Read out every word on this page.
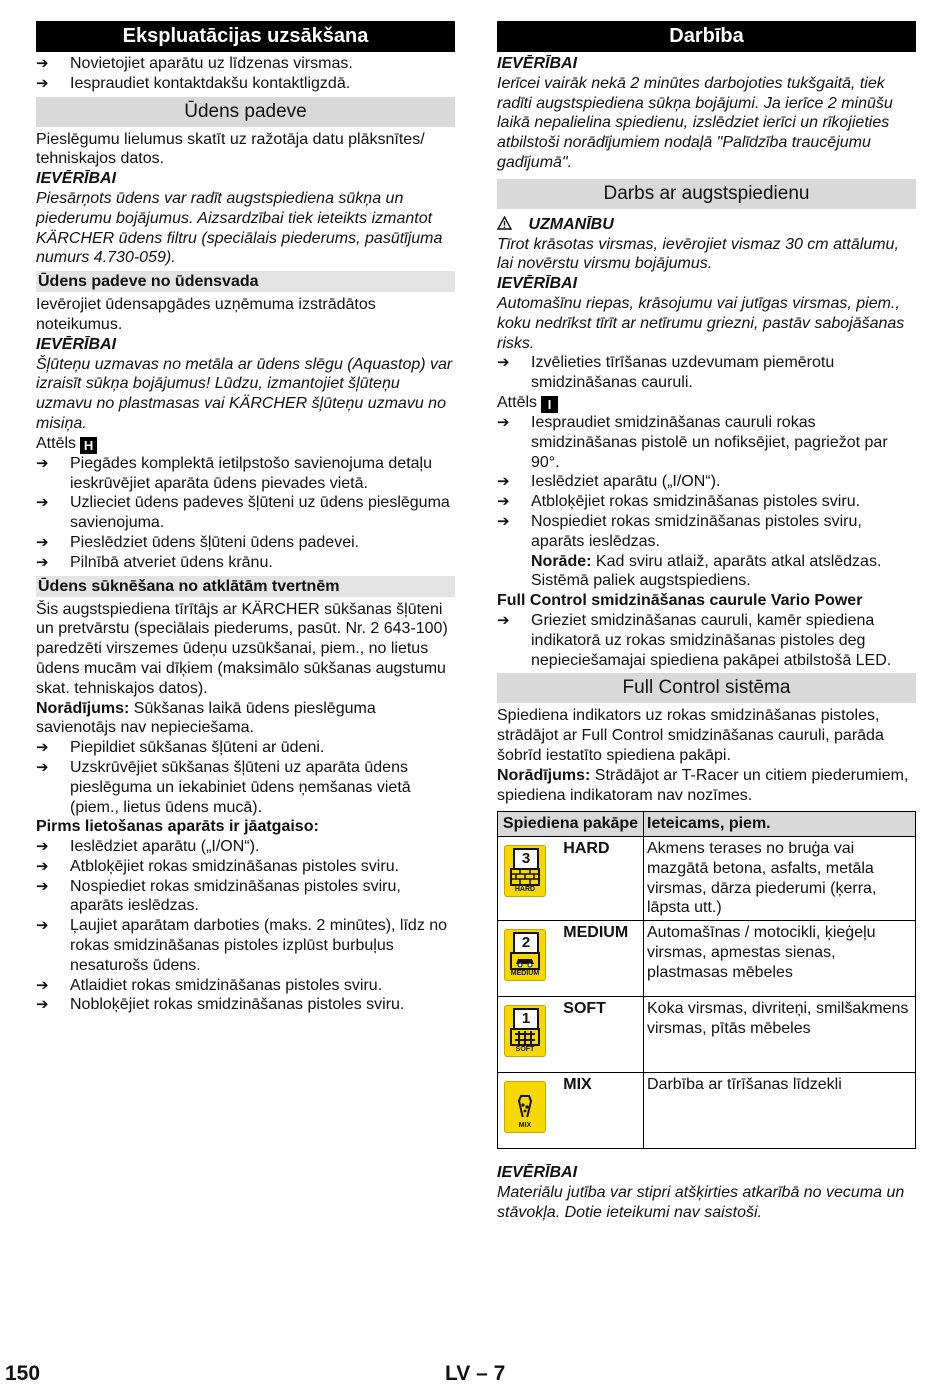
Ekspluatācijas uzsākšana
➔ Novietojiet aparātu uz līdzenas virsmas.
➔ Iespraudiet kontaktdakšu kontaktligzdā.
Ūdens padeve

Pieslēgumu lielumus skatīt uz ražotāja datu plāksnītes/ tehniskajos datos.

IEVĒRĪBAI

Piesārņots ūdens var radīt augstspiediena sūkņa un piederumu bojājumus. Aizsardzībai tiek ieteikts izmantot KÄRCHER ūdens filtru (speciālais piederums, pasūtījuma numurs 4.730-059).

Ūdens padeve no ūdensvada

Ievērojiet ūdensapgādes uzņēmuma izstrādātos noteikumus.

IEVĒRĪBAI

Šļūteņu uzmavas no metāla ar ūdens slēgu (Aquastop) var izraisīt sūkņa bojājumus! Lūdzu, izmantojiet šļūteņu uzmavu no plastmasas vai KÄRCHER šļūteņu uzmavu no misiņa.

Attēls H

➔ Piegādes komplektā ietilpstošo savienojuma detaļu ieskrūvējiet aparāta ūdens pievades vietā.
➔ Uzlieciet ūdens padeves šļūteni uz ūdens pieslēguma savienojuma.
➔ Pieslēdziet ūdens šļūteni ūdens padevei.
➔ Pilnībā atveriet ūdens krānu.
Ūdens sūknēšana no atklātām tvertnēm

Šis augstspiediena tīrītājs ar KÄRCHER sūkšanas šļūteni un pretvārstu (speciālais piederums, pasūt. Nr. 2 643-100) paredzēti virszemes ūdeņu uzsūkšanai, piem., no lietus ūdens mucām vai dīķiem (maksimālo sūkšanas augstumu skat. tehniskajos datos).

Norādījums: Sūkšanas laikā ūdens pieslēguma savienotājs nav nepieciešama.

➔ Piepildiet sūkšanas šļūteni ar ūdeni.
➔ Uzskrūvējiet sūkšanas šļūteni uz aparāta ūdens pieslēguma un iekabiniet ūdens ņemšanas vietā (piem., lietus ūdens mucā).

Pirms lietošanas aparāts ir jāatgaiso:

➔ Ieslēdziet aparātu („I/ON“).
➔ Atbloķējiet rokas smidzināšanas pistoles sviru.
➔ Nospiediet rokas smidzināšanas pistoles sviru, aparāts ieslēdzas.
➔ Ļaujiet aparātam darboties (maks. 2 minūtes), līdz no rokas smidzināšanas pistoles izplūst burbuļus nesaturošs ūdens.
➔ Atlaidiet rokas smidzināšanas pistoles sviru.
➔ Nobloķējiet rokas smidzināšanas pistoles sviru.
Darbība

IEVĒRĪBAI

Ierīcei vairāk nekā 2 minūtes darbojoties tukšgaitā, tiek radīti augstspiediena sūkņa bojājumi. Ja ierīce 2 minūšu laikā nepalielina spiedienu, izslēdziet ierīci un rīkojieties atbilstoši norādījumiem nodaļā "Palīdzība traucējumu gadījumā".

Darbs ar augstspiedienu

UZMANĪBU

Tīrot krāsotas virsmas, ievērojiet vismaz 30 cm attālumu, lai novērstu virsmu bojājumus.

IEVĒRĪBAI

Automašīnu riepas, krāsojumu vai jutīgas virsmas, piem., koku nedrīkst tīrīt ar netīrumu griezni, pastāv sabojāšanas risks.

➔ Izvēlieties tīrīšanas uzdevumam piemērotu smidzināšanas cauruli.

Attēls I

➔ Iespraudiet smidzināšanas cauruli rokas smidzināšanas pistolē un nofiksējiet, pagriežot par 90°.
➔ Ieslēdziet aparātu („I/ON“).
➔ Atbloķējiet rokas smidzināšanas pistoles sviru.
➔ Nospiediet rokas smidzināšanas pistoles sviru, aparāts ieslēdzas.

Norāde: Kad sviru atlaiž, aparāts atkal atslēdzas. Sistēmā paliek augstspiediens.

Full Control smidzināšanas caurule Vario Power

➔ Grieziet smidzināšanas cauruli, kamēr spiediena indikatorā uz rokas smidzināšanas pistoles deg nepieciešamajai spiediena pakāpei atbilstošā LED.
Full Control sistēma

Spiediena indikators uz rokas smidzināšanas pistoles, strādājot ar Full Control smidzināšanas cauruli, parāda šobrīd iestatīto spiediena pakāpi.

Norādījums: Strādājot ar T-Racer un citiem piederumiem, spiediena indikatoram nav nozīmes.

Spiediena pakāpe		Ieteicams, piem.

3
HARD	HARD	Akmens terases no bruģa vai mazgātā betona, asfalts, metāla virsmas, dārza piederumi (ķerra, lāpsta utt.)

2
MEDIUM	MEDIUM	Automašīnas / motocikli, ķieģeļu virsmas, apmestas sienas, plastmasas mēbeles

1
SOFT	SOFT	Koka virsmas, divriteņi, smilšakmens virsmas, pītās mēbeles

MIX	MIX	Darbība ar tīrīšanas līdzekli

IEVĒRĪBAI

Materiālu jutība var stipri atšķirties atkarībā no vecuma un stāvokļa. Dotie ieteikumi nav saistoši.

150	LV – 7
